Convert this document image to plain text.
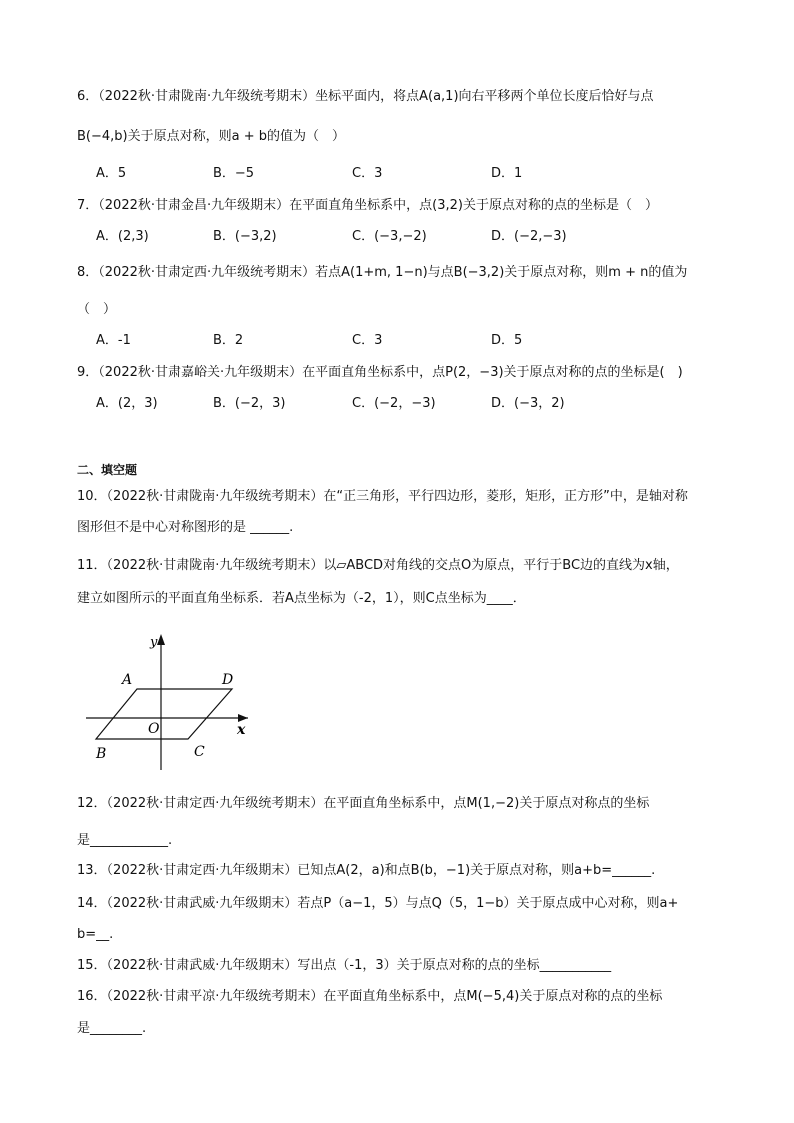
6．（2022秋·甘肃陇南·九年级统考期末）坐标平面内，将点A(a,1)向右平移两个单位长度后恰好与点
B(−4,b)关于原点对称，则a + b的值为（　）
A．5	B．−5	C．3	D．1
7．（2022秋·甘肃金昌·九年级期末）在平面直角坐标系中，点(3,2)关于原点对称的点的坐标是（　）
A．(2,3)	B．(−3,2)	C．(−3,−2)	D．(−2,−3)
8．（2022秋·甘肃定西·九年级统考期末）若点A(1+m, 1−n)与点B(−3,2)关于原点对称，则m + n的值为
（　）
A．-1	B．2	C．3	D．5
9．（2022秋·甘肃嘉峪关·九年级期末）在平面直角坐标系中，点P(2，−3)关于原点对称的点的坐标是(　)
A．(2，3)	B．(−2，3)	C．(−2，−3)	D．(−3，2)
二、填空题
10．（2022秋·甘肃陇南·九年级统考期末）在“正三角形，平行四边形，菱形，矩形，正方形”中，是轴对称
图形但不是中心对称图形的是 ______.
11．（2022秋·甘肃陇南·九年级统考期末）以▱ABCD对角线的交点O为原点，平行于BC边的直线为x轴，
建立如图所示的平面直角坐标系．若A点坐标为（-2，1），则C点坐标为____．
y
x
A	D
O
B	C
12．（2022秋·甘肃定西·九年级统考期末）在平面直角坐标系中，点M(1,−2)关于原点对称点的坐标
是____________.
13．（2022秋·甘肃定西·九年级期末）已知点A(2，a)和点B(b，−1)关于原点对称，则a+b=______.
14．（2022秋·甘肃武威·九年级期末）若点P（a−1，5）与点Q（5，1−b）关于原点成中心对称，则a+
b=__.
15．（2022秋·甘肃武威·九年级期末）写出点（-1，3）关于原点对称的点的坐标___________
16．（2022秋·甘肃平凉·九年级统考期末）在平面直角坐标系中，点M(−5,4)关于原点对称的点的坐标
是________.
